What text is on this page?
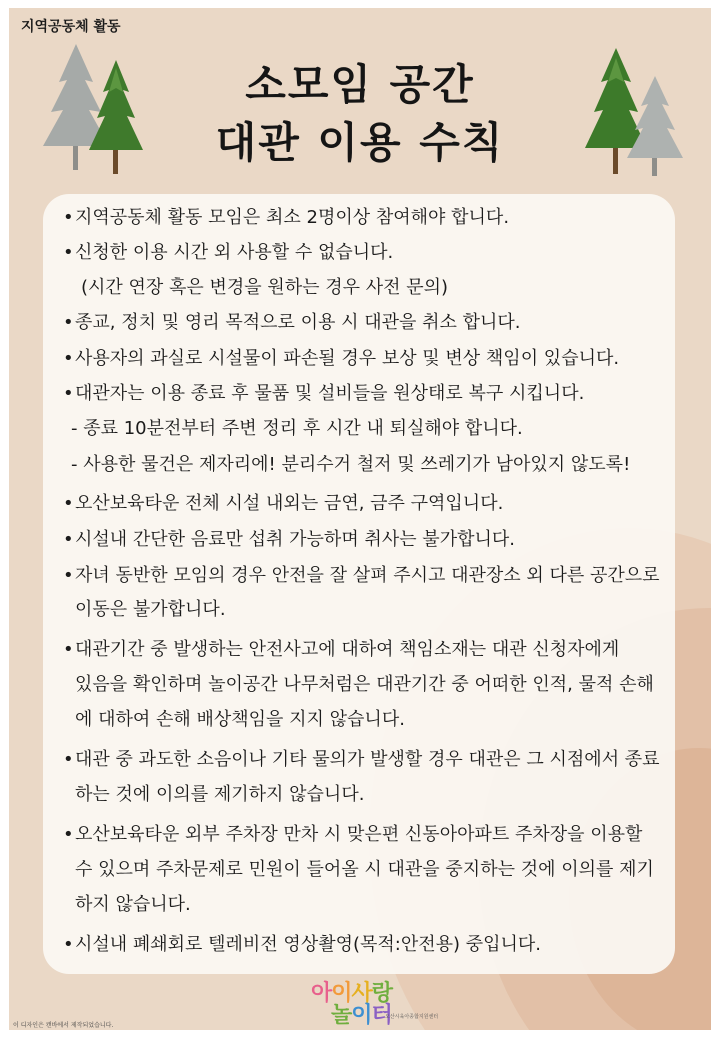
지역공동체 활동
소모임 공간
대관 이용 수칙
• 지역공동체 활동 모임은 최소 2명이상 참여해야 합니다.
• 신청한 이용 시간 외 사용할 수 없습니다.
(시간 연장 혹은 변경을 원하는 경우 사전 문의)
• 종교, 정치 및 영리 목적으로 이용 시 대관을 취소 합니다.
• 사용자의 과실로 시설물이 파손될 경우 보상 및 변상 책임이 있습니다.
• 대관자는 이용 종료 후 물품 및 설비들을 원상태로 복구 시킵니다.
- 종료 10분전부터 주변 정리 후 시간 내 퇴실해야 합니다.
- 사용한 물건은 제자리에! 분리수거 철저 및 쓰레기가 남아있지 않도록!
• 오산보육타운 전체 시설 내외는 금연, 금주 구역입니다.
• 시설내 간단한 음료만 섭취 가능하며 취사는 불가합니다.
• 자녀 동반한 모임의 경우 안전을 잘 살펴 주시고 대관장소 외 다른 공간으로
이동은 불가합니다.
• 대관기간 중 발생하는 안전사고에 대하여 책임소재는 대관 신청자에게
있음을 확인하며 놀이공간 나무처럼은 대관기간 중 어떠한 인적, 물적 손해
에 대하여 손해 배상책임을 지지 않습니다.
• 대관 중 과도한 소음이나 기타 물의가 발생할 경우 대관은 그 시점에서 종료
하는 것에 이의를 제기하지 않습니다.
• 오산보육타운 외부 주차장 만차 시 맞은편 신동아아파트 주차장을 이용할
수 있으며 주차문제로 민원이 들어올 시 대관을 중지하는 것에 이의를 제기
하지 않습니다.
• 시설내 폐쇄회로 텔레비전 영상촬영(목적:안전용) 중입니다.
아이사랑
놀이터
오산시육아종합지원센터
이 디자인은 캔바에서 제작되었습니다.
